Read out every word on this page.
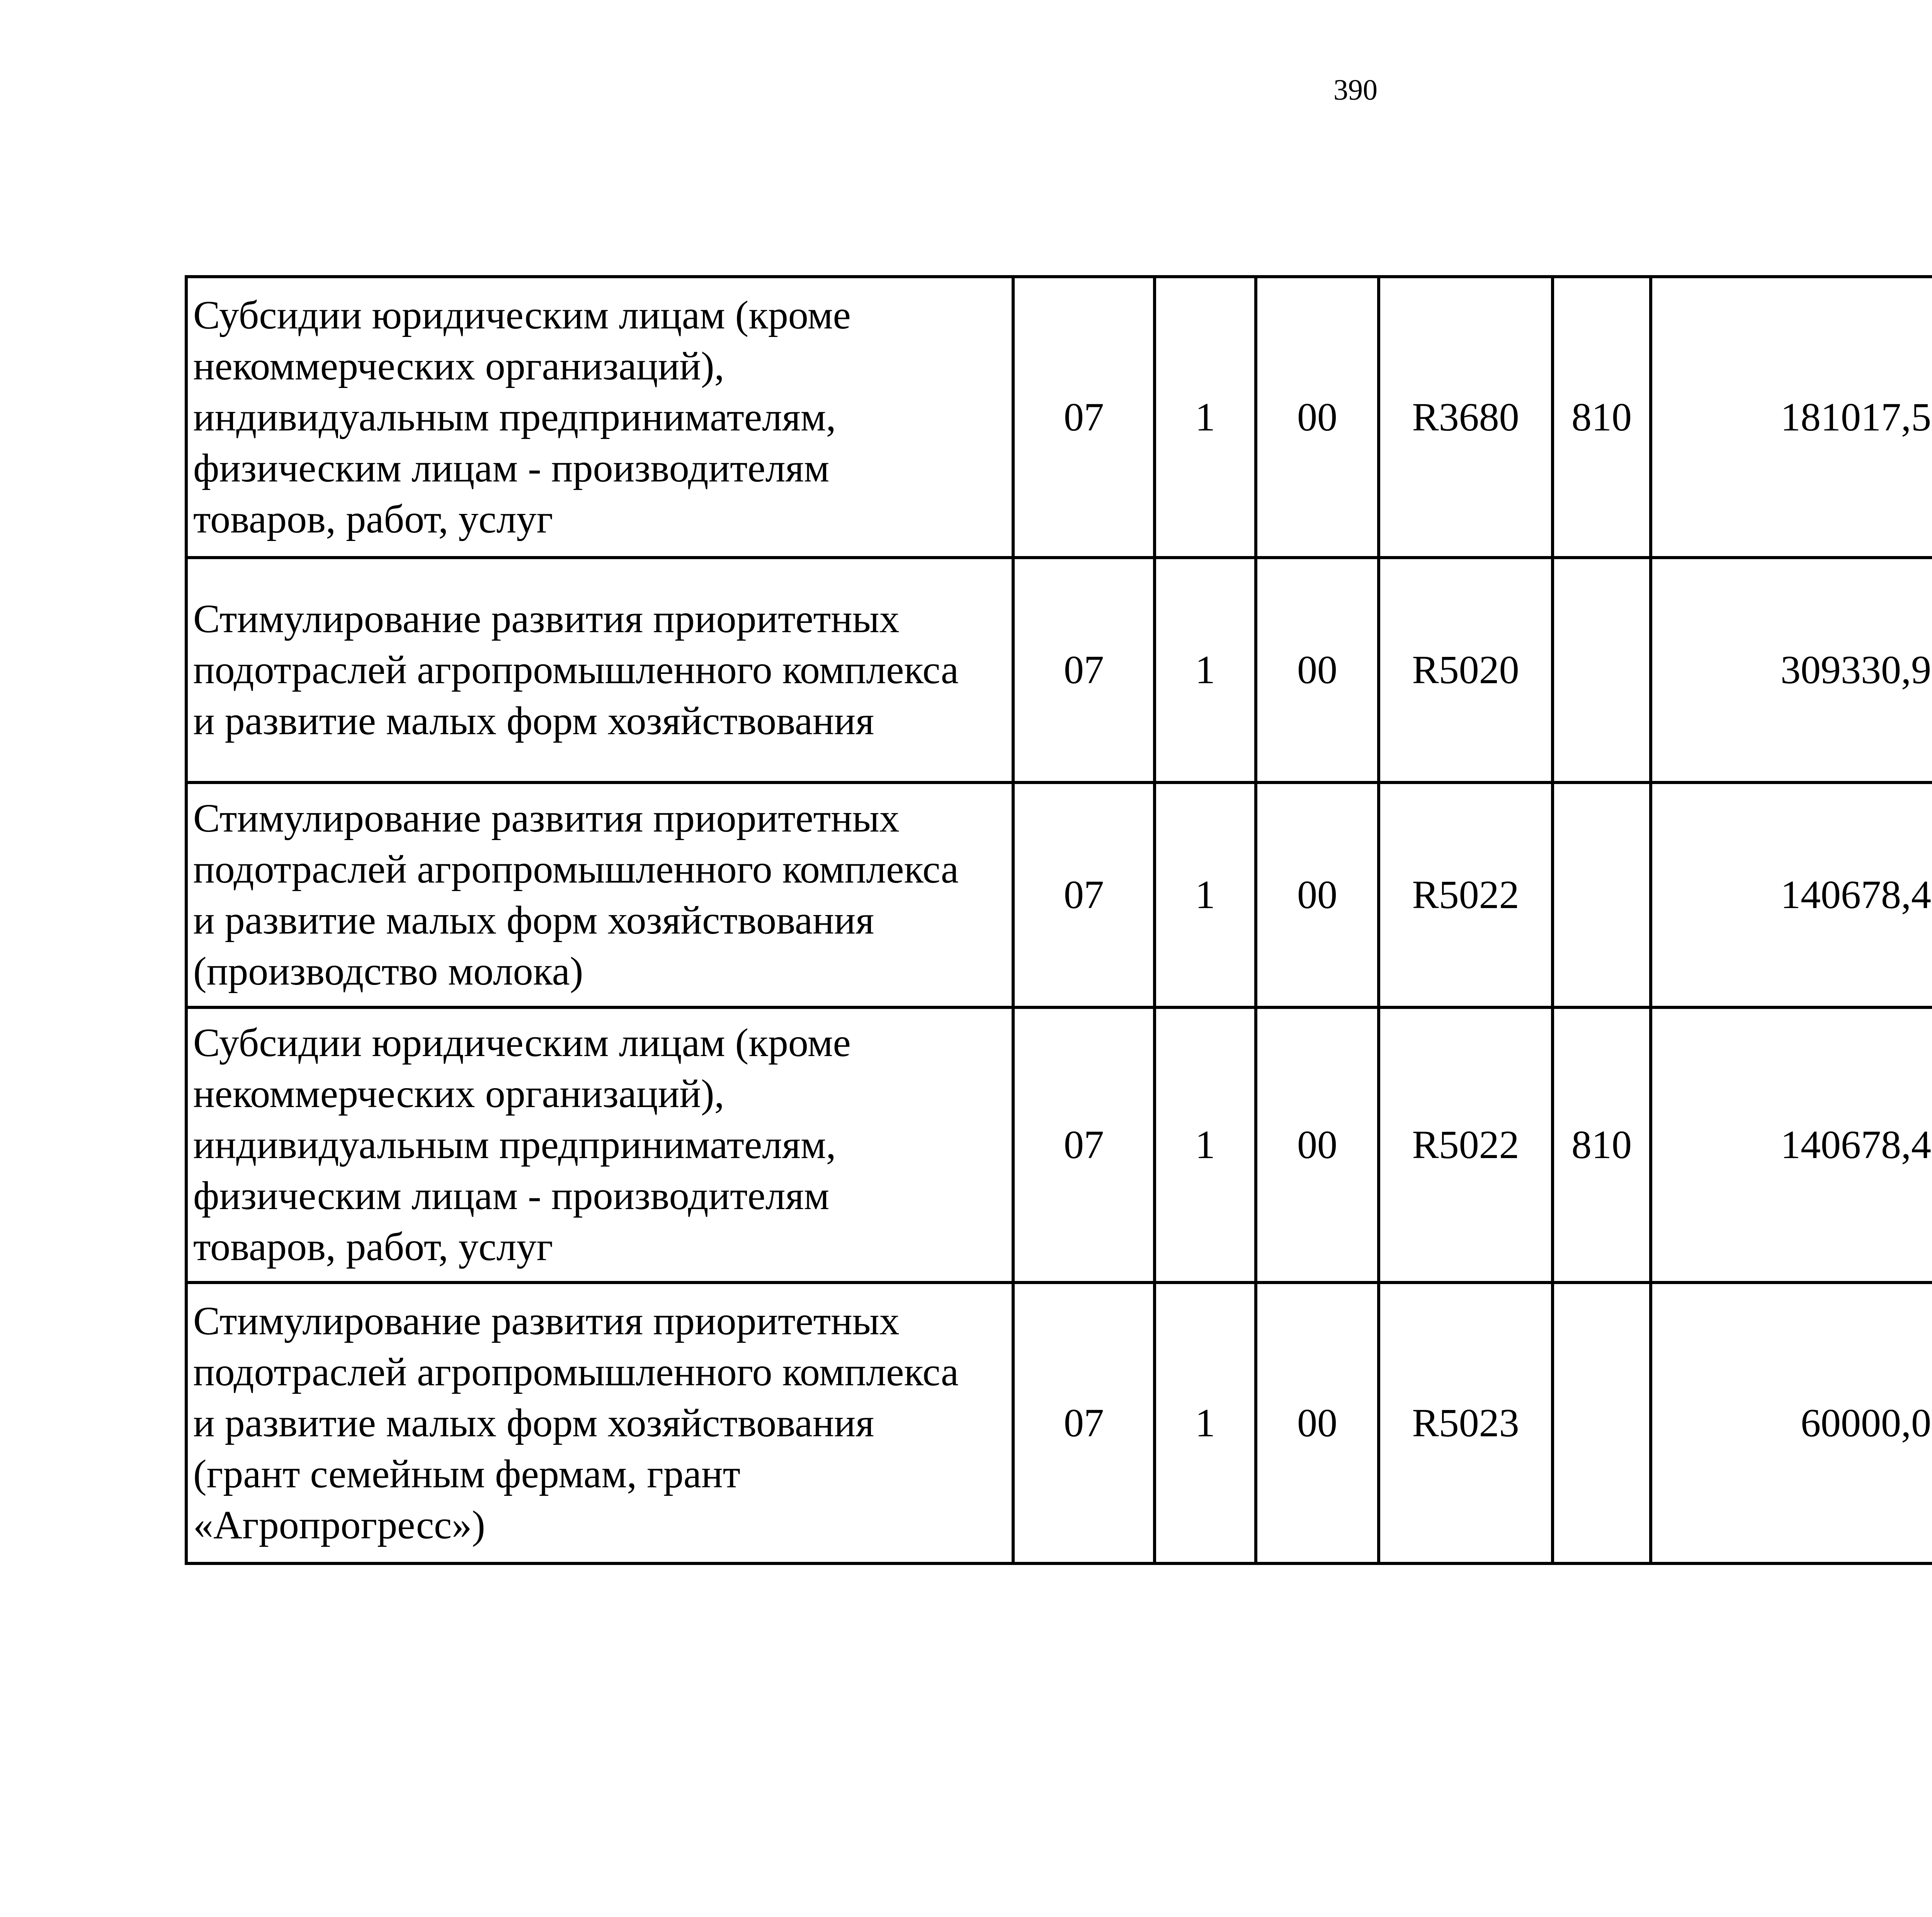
390
Субсидии юридическим лицам (кроме
некоммерческих организаций),
индивидуальным предпринимателям,
физическим лицам - производителям
товаров, работ, услуг	07	1	00	R3680	810	181017,5		

Стимулирование развития приоритетных
подотраслей агропромышленного комплекса
и развитие малых форм хозяйствования	07	1	00	R5020		309330,9		

Стимулирование развития приоритетных
подотраслей агропромышленного комплекса
и развитие малых форм хозяйствования
(производство молока)	07	1	00	R5022		140678,4		

Субсидии юридическим лицам (кроме
некоммерческих организаций),
индивидуальным предпринимателям,
физическим лицам - производителям
товаров, работ, услуг	07	1	00	R5022	810	140678,4		

Стимулирование развития приоритетных
подотраслей агропромышленного комплекса
и развитие малых форм хозяйствования
(грант семейным фермам, грант
«Агропрогресс»)	07	1	00	R5023		60000,0		
